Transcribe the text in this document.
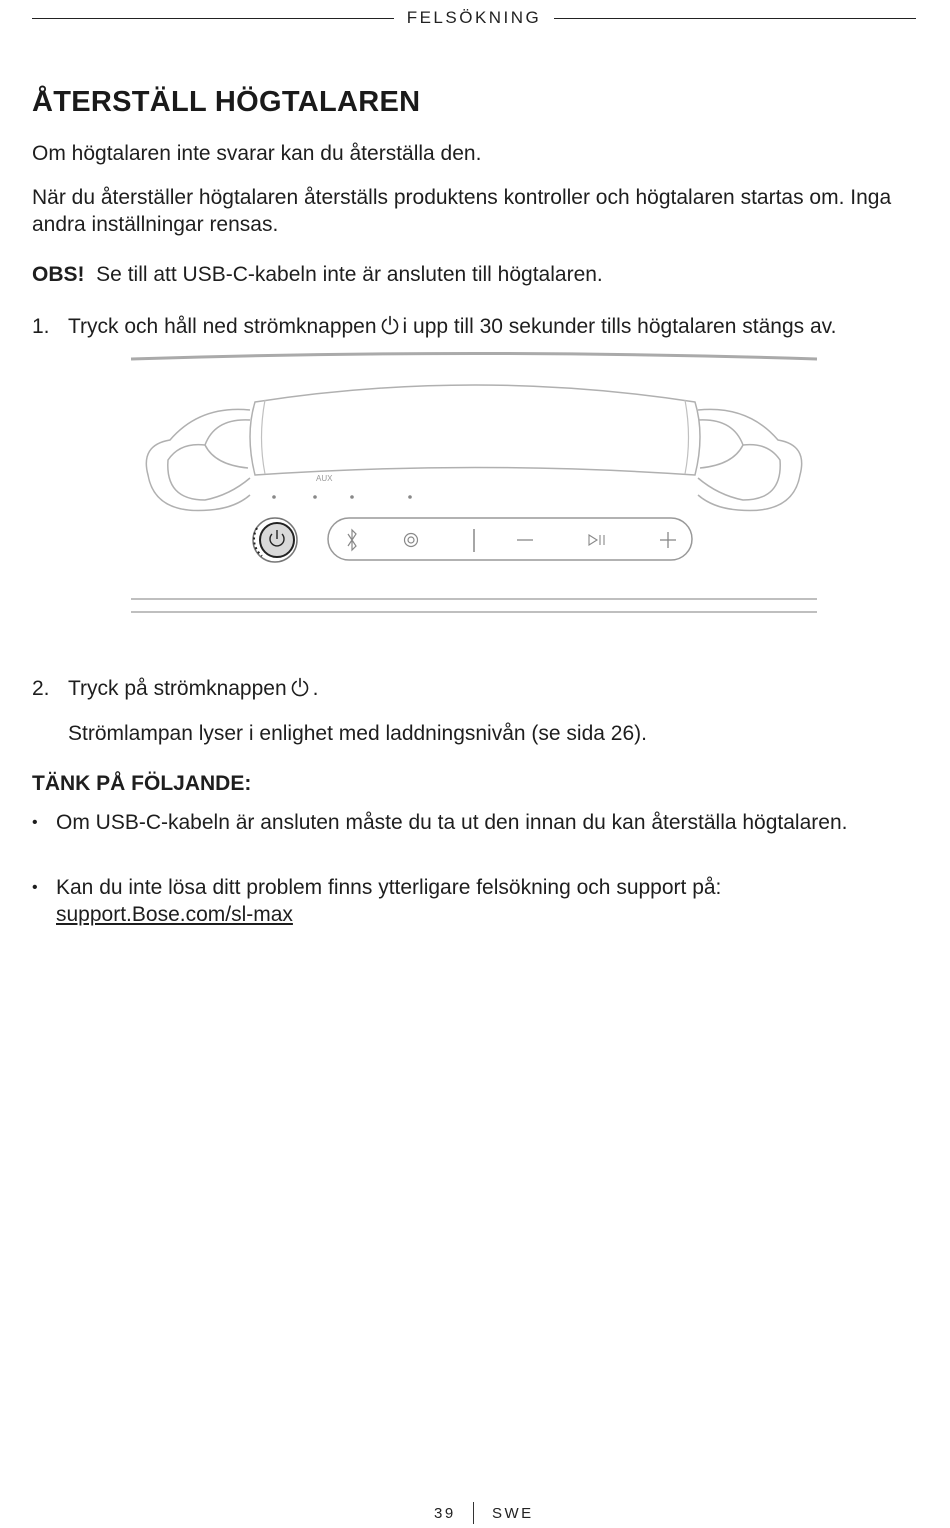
FELSÖKNING
ÅTERSTÄLL HÖGTALAREN

Om högtalaren inte svarar kan du återställa den.

När du återställer högtalaren återställs produktens kontroller och högtalaren startas om. Inga andra inställningar rensas.

OBS! Se till att USB-C-kabeln inte är ansluten till högtalaren.

1. Tryck och håll ned strömknappen i upp till 30 sekunder tills högtalaren stängs av.
AUX
2. Tryck på strömknappen .
Strömlampan lyser i enlighet med laddningsnivån (se sida 26).
TÄNK PÅ FÖLJANDE:
• Om USB-C-kabeln är ansluten måste du ta ut den innan du kan återställa högtalaren.
• Kan du inte lösa ditt problem finns ytterligare felsökning och support på:
support.Bose.com/sl-max
39 SWE
